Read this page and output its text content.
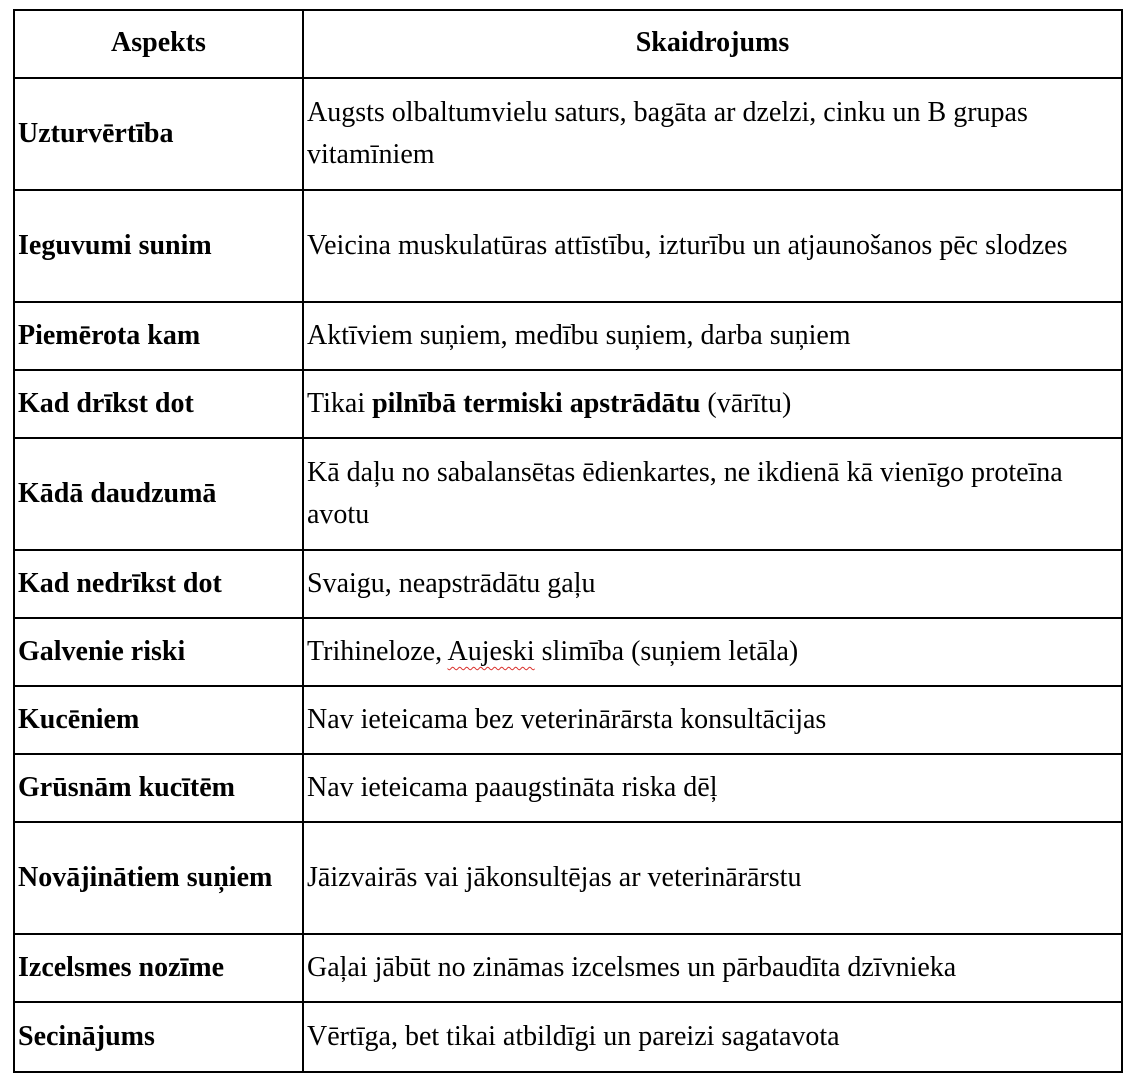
Aspekts	Skaidrojums
Uzturvērtība	Augsts olbaltumvielu saturs, bagāta ar dzelzi, cinku un B grupas vitamīniem
Ieguvumi sunim	Veicina muskulatūras attīstību, izturību un atjaunošanos pēc slodzes
Piemērota kam	Aktīviem suņiem, medību suņiem, darba suņiem
Kad drīkst dot	Tikai pilnībā termiski apstrādātu (vārītu)
Kādā daudzumā	Kā daļu no sabalansētas ēdienkartes, ne ikdienā kā vienīgo proteīna avotu
Kad nedrīkst dot	Svaigu, neapstrādātu gaļu
Galvenie riski	Trihineloze, Aujeski slimība (suņiem letāla)
Kucēniem	Nav ieteicama bez veterinārārsta konsultācijas
Grūsnām kucītēm	Nav ieteicama paaugstināta riska dēļ
Novājinātiem suņiem	Jāizvairās vai jākonsultējas ar veterinārārstu
Izcelsmes nozīme	Gaļai jābūt no zināmas izcelsmes un pārbaudīta dzīvnieka
Secinājums	Vērtīga, bet tikai atbildīgi un pareizi sagatavota
